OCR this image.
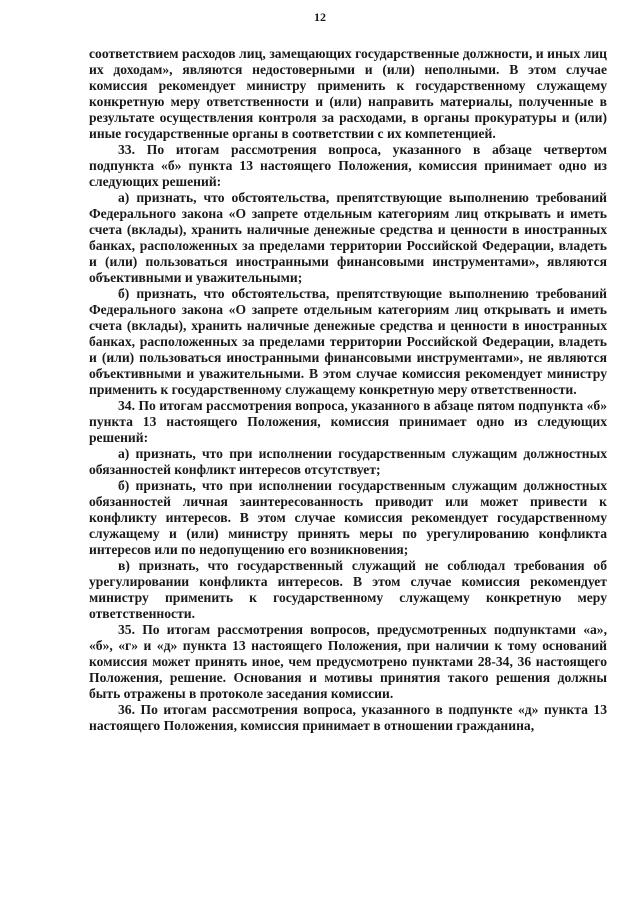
12

соответствием расходов лиц, замещающих государственные должности, и иных лиц их доходам», являются недостоверными и (или) неполными. В этом случае комиссия рекомендует министру применить к государственному служащему конкретную меру ответственности и (или) направить материалы, полученные в результате осуществления контроля за расходами, в органы прокуратуры и (или) иные государственные органы в соответствии с их компетенцией.

33. По итогам рассмотрения вопроса, указанного в абзаце четвертом подпункта «б» пункта 13 настоящего Положения, комиссия принимает одно из следующих решений:

а) признать, что обстоятельства, препятствующие выполнению требований Федерального закона «О запрете отдельным категориям лиц открывать и иметь счета (вклады), хранить наличные денежные средства и ценности в иностранных банках, расположенных за пределами территории Российской Федерации, владеть и (или) пользоваться иностранными финансовыми инструментами», являются объективными и уважительными;

б) признать, что обстоятельства, препятствующие выполнению требований Федерального закона «О запрете отдельным категориям лиц открывать и иметь счета (вклады), хранить наличные денежные средства и ценности в иностранных банках, расположенных за пределами территории Российской Федерации, владеть и (или) пользоваться иностранными финансовыми инструментами», не являются объективными и уважительными. В этом случае комиссия рекомендует министру применить к государственному служащему конкретную меру ответственности.

34. По итогам рассмотрения вопроса, указанного в абзаце пятом подпункта «б» пункта 13 настоящего Положения, комиссия принимает одно из следующих решений:

а) признать, что при исполнении государственным служащим должностных обязанностей конфликт интересов отсутствует;

б) признать, что при исполнении государственным служащим должностных обязанностей личная заинтересованность приводит или может привести к конфликту интересов. В этом случае комиссия рекомендует государственному служащему и (или) министру принять меры по урегулированию конфликта интересов или по недопущению его возникновения;

в) признать, что государственный служащий не соблюдал требования об урегулировании конфликта интересов. В этом случае комиссия рекомендует министру применить к государственному служащему конкретную меру ответственности.

35. По итогам рассмотрения вопросов, предусмотренных подпунктами «а», «б», «г» и «д» пункта 13 настоящего Положения, при наличии к тому оснований комиссия может принять иное, чем предусмотрено пунктами 28-34, 36 настоящего Положения, решение. Основания и мотивы принятия такого решения должны быть отражены в протоколе заседания комиссии.

36. По итогам рассмотрения вопроса, указанного в подпункте «д» пункта 13 настоящего Положения, комиссия принимает в отношении гражданина,
